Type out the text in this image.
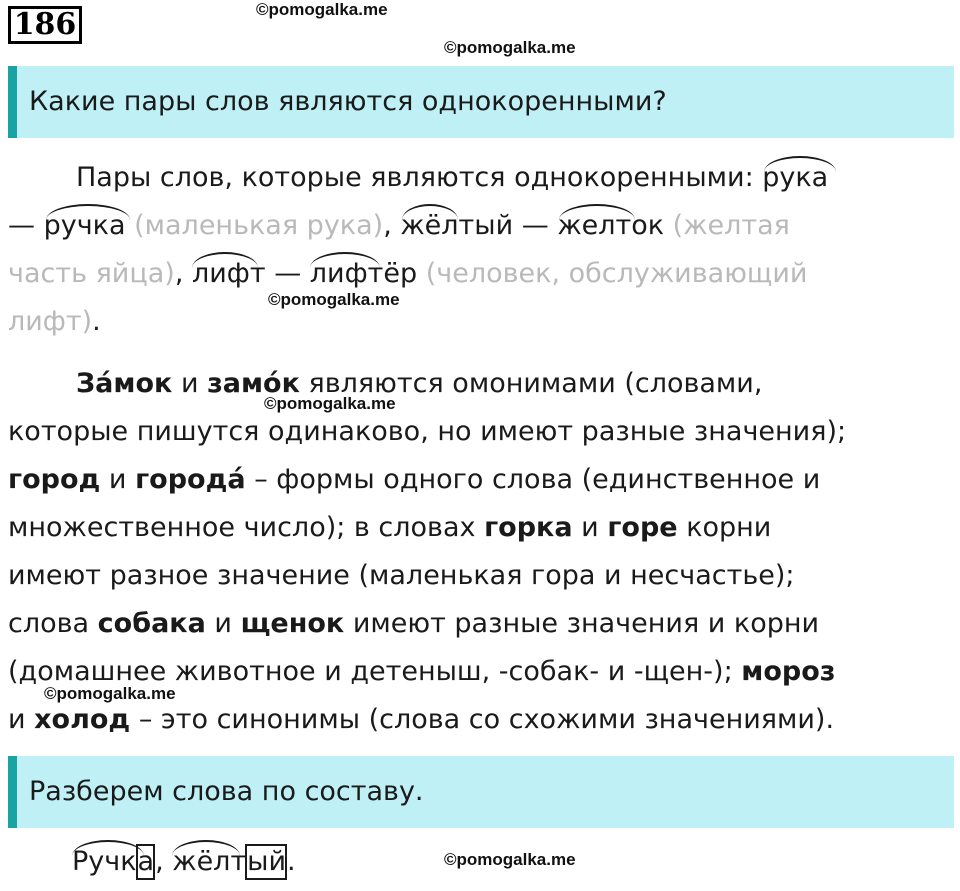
186	©pomogalka.me
©pomogalka.me
Какие пары слов являются однокоренными?
Пары слов, которые являются однокоренными:
рука
—
ручка (маленькая рука),
жёлтый —
желток (желтая
часть яйца),
лифт —
лифтёр (человек, обслуживающий
©pomogalka.me
лифт).
За́мок и замо́к являются омонимами (словами,
©pomogalka.me
которые пишутся одинаково, но имеют разные значения);
город и города́ – формы одного слова (единственное и
множественное число); в словах горка и горе корни
имеют разное значение (маленькая гора и несчастье);
слова собака и щенок имеют разные значения и корни
(домашнее животное и детеныш, -собак- и -щен-); мороз
©pomogalka.me
и холод – это синонимы (слова со схожими значениями).
Разберем слова по составу.
Ручк
а,
жёлт
ый.	©pomogalka.me
